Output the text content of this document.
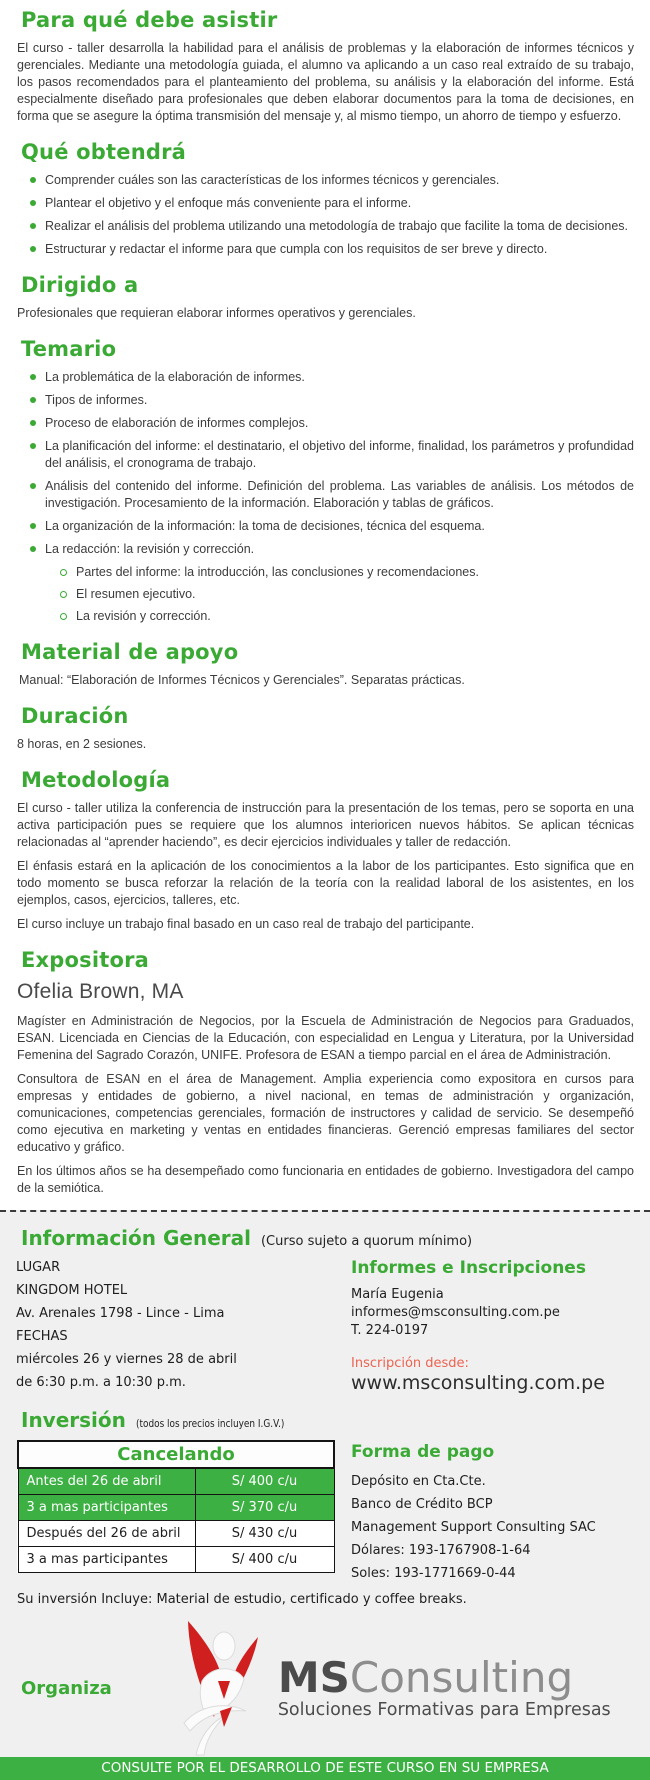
Para qué debe asistir

El curso - taller desarrolla la habilidad para el análisis de problemas y la elaboración de informes técnicos y gerenciales. Mediante una metodología guiada, el alumno va aplicando a un caso real extraído de su trabajo, los pasos recomendados para el planteamiento del problema, su análisis y la elaboración del informe. Está especialmente diseñado para profesionales que deben elaborar documentos para la toma de decisiones, en forma que se asegure la óptima transmisión del mensaje y, al mismo tiempo, un ahorro de tiempo y esfuerzo.

Qué obtendrá
Comprender cuáles son las características de los informes técnicos y gerenciales.
Plantear el objetivo y el enfoque más conveniente para el informe.
Realizar el análisis del problema utilizando una metodología de trabajo que facilite la toma de decisiones.
Estructurar y redactar el informe para que cumpla con los requisitos de ser breve y directo.
Dirigido a

Profesionales que requieran elaborar informes operativos y gerenciales.

Temario
La problemática de la elaboración de informes.
Tipos de informes.
Proceso de elaboración de informes complejos.
La planificación del informe: el destinatario, el objetivo del informe, finalidad, los parámetros y profundidad del análisis, el cronograma de trabajo.
Análisis del contenido del informe. Definición del problema. Las variables de análisis. Los métodos de investigación. Procesamiento de la información. Elaboración y tablas de gráficos.
La organización de la información: la toma de decisiones, técnica del esquema.
La redacción: la revisión y corrección.
Partes del informe: la introducción, las conclusiones y recomendaciones.
El resumen ejecutivo.
La revisión y corrección.
Material de apoyo

Manual: “Elaboración de Informes Técnicos y Gerenciales”. Separatas prácticas.

Duración

8 horas, en 2 sesiones.

Metodología

El curso - taller utiliza la conferencia de instrucción para la presentación de los temas, pero se soporta en una activa participación pues se requiere que los alumnos interioricen nuevos hábitos. Se aplican técnicas relacionadas al “aprender haciendo”, es decir ejercicios individuales y taller de redacción.

El énfasis estará en la aplicación de los conocimientos a la labor de los participantes. Esto significa que en todo momento se busca reforzar la relación de la teoría con la realidad laboral de los asistentes, en los ejemplos, casos, ejercicios, talleres, etc.

El curso incluye un trabajo final basado en un caso real de trabajo del participante.

Expositora
Ofelia Brown, MA

Magíster en Administración de Negocios, por la Escuela de Administración de Negocios para Graduados, ESAN. Licenciada en Ciencias de la Educación, con especialidad en Lengua y Literatura, por la Universidad Femenina del Sagrado Corazón, UNIFE. Profesora de ESAN a tiempo parcial en el área de Administración.

Consultora de ESAN en el área de Management. Amplia experiencia como expositora en cursos para empresas y entidades de gobierno, a nivel nacional, en temas de administración y organización, comunicaciones, competencias gerenciales, formación de instructores y calidad de servicio. Se desempeñó como ejecutiva en marketing y ventas en entidades financieras. Gerenció empresas familiares del sector educativo y gráfico.

En los últimos años se ha desempeñado como funcionaria en entidades de gobierno. Investigadora del campo de la semiótica.

Información General (Curso sujeto a quorum mínimo)
LUGAR
KINGDOM HOTEL
Av. Arenales 1798 - Lince - Lima
FECHAS
miércoles 26 y viernes 28 de abril
de 6:30 p.m. a 10:30 p.m.
Informes e Inscripciones
María Eugenia
informes@msconsulting.com.pe
T. 224-0197
Inscripción desde:
www.msconsulting.com.pe
Inversión (todos los precios incluyen I.G.V.)
Cancelando	
Antes del 26 de abril	S/ 400 c/u
3 a mas participantes	S/ 370 c/u
Después del 26 de abril	S/ 430 c/u
3 a mas participantes	S/ 400 c/u
Forma de pago
Depósito en Cta.Cte.
Banco de Crédito BCP
Management Support Consulting SAC
Dólares: 193-1767908-1-64
Soles: 193-1771669-0-44
Su inversión Incluye: Material de estudio, certificado y coffee breaks.
Organiza	MSConsulting
Soluciones Formativas para Empresas
CONSULTE POR EL DESARROLLO DE ESTE CURSO EN SU EMPRESA
